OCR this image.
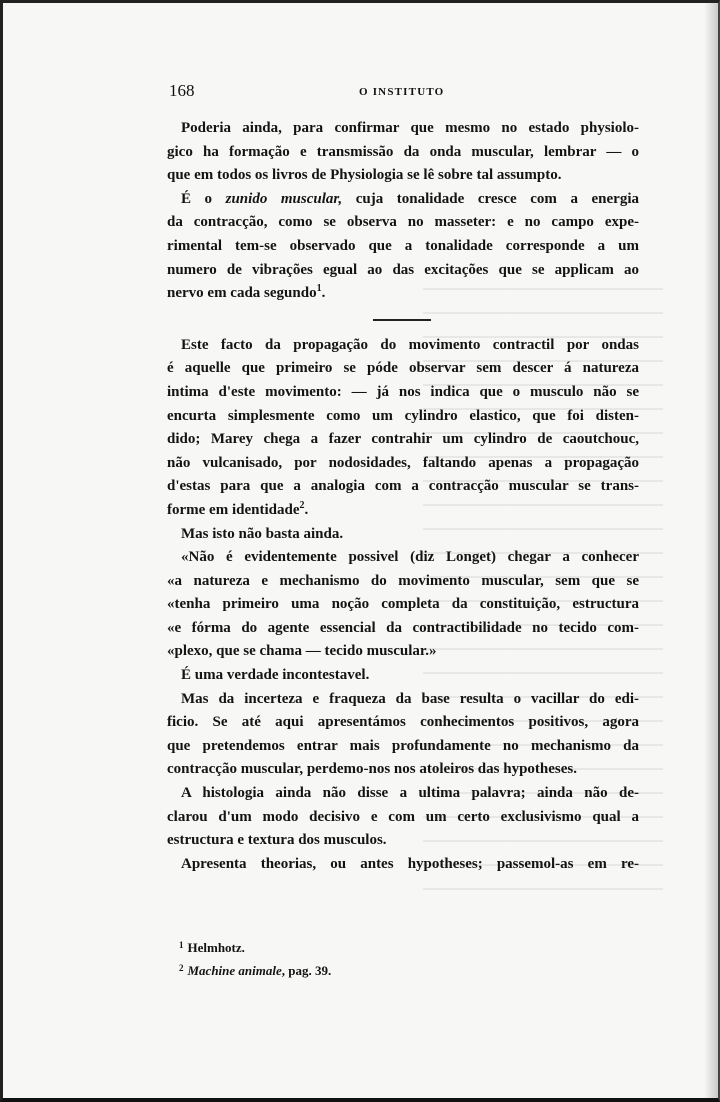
168	O INSTITUTO
Poderia ainda, para confirmar que mesmo no estado physiolo-
gico ha formação e transmissão da onda muscular, lembrar — o
que em todos os livros de Physiologia se lê sobre tal assumpto.
É o zunido muscular, cuja tonalidade cresce com a energia
da contracção, como se observa no masseter: e no campo expe-
rimental tem-se observado que a tonalidade corresponde a um
numero de vibrações egual ao das excitações que se applicam ao
nervo em cada segundo$^1$.
Este facto da propagação do movimento contractil por ondas
é aquelle que primeiro se póde observar sem descer á natureza
intima d'este movimento: — já nos indica que o musculo não se
encurta simplesmente como um cylindro elastico, que foi disten-
dido; Marey chega a fazer contrahir um cylindro de caoutchouc,
não vulcanisado, por nodosidades, faltando apenas a propagação
d'estas para que a analogia com a contracção muscular se trans-
forme em identidade$^2$.
Mas isto não basta ainda.
«Não é evidentemente possivel (diz Longet) chegar a conhecer
«a natureza e mechanismo do movimento muscular, sem que se
«tenha primeiro uma noção completa da constituição, estructura
«e fórma do agente essencial da contractibilidade no tecido com-
«plexo, que se chama — tecido muscular.»
É uma verdade incontestavel.
Mas da incerteza e fraqueza da base resulta o vacillar do edi-
ficio. Se até aqui apresentámos conhecimentos positivos, agora
que pretendemos entrar mais profundamente no mechanismo da
contracção muscular, perdemo-nos nos atoleiros das hypotheses.
A histologia ainda não disse a ultima palavra; ainda não de-
clarou d'um modo decisivo e com um certo exclusivismo qual a
estructura e textura dos musculos.
Apresenta theorias, ou antes hypotheses; passemol-as em re-
$^1$ Helmhotz.
$^2$ Machine animale, pag. 39.
